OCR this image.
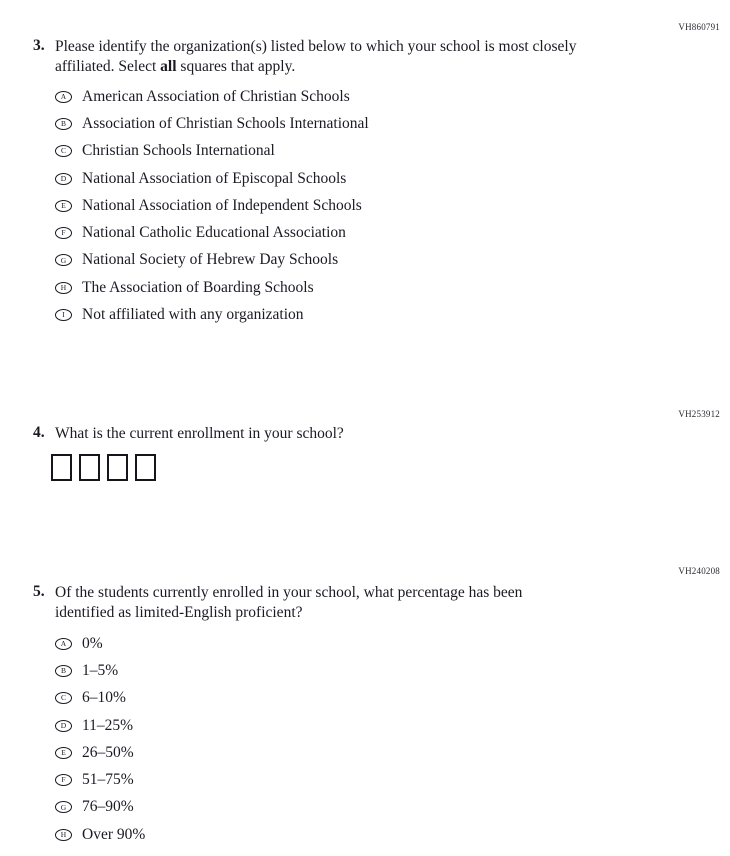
VH860791
3. Please identify the organization(s) listed below to which your school is most closely affiliated. Select all squares that apply.
A	American Association of Christian Schools
B	Association of Christian Schools International
C	Christian Schools International
D	National Association of Episcopal Schools
E	National Association of Independent Schools
F	National Catholic Educational Association
G	National Society of Hebrew Day Schools
H	The Association of Boarding Schools
I	Not affiliated with any organization
VH253912
4. What is the current enrollment in your school?
VH240208
5. Of the students currently enrolled in your school, what percentage has been identified as limited-English proficient?
A	0%
B	1–5%
C	6–10%
D	11–25%
E	26–50%
F	51–75%
G	76–90%
H	Over 90%
